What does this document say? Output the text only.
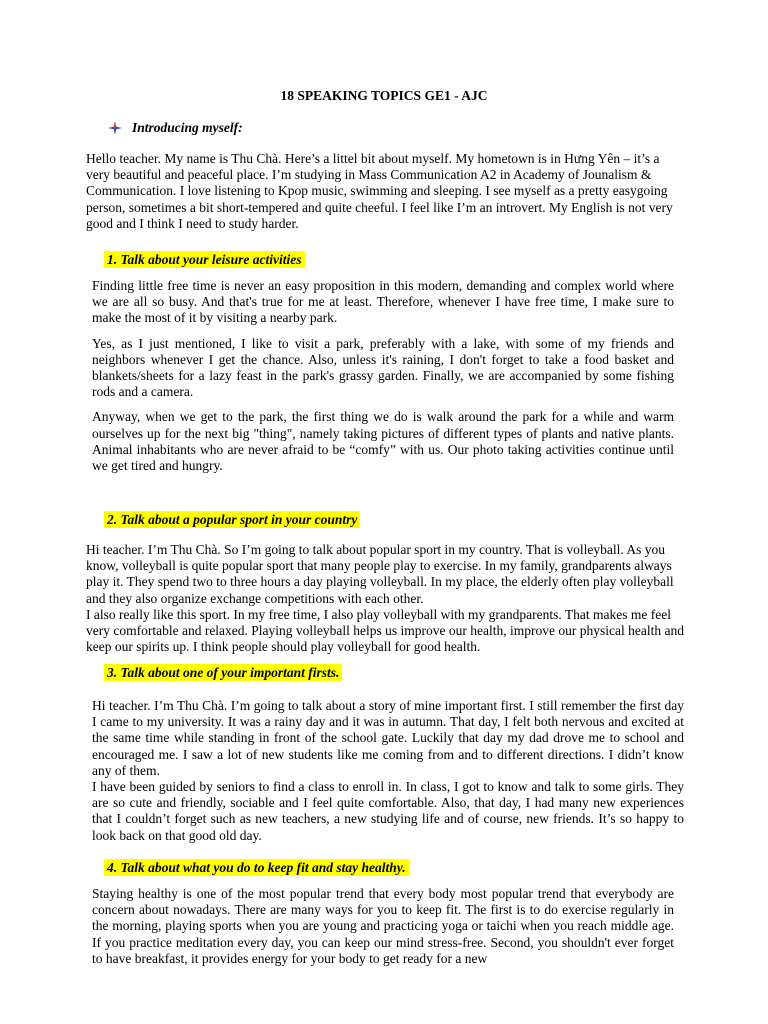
18 SPEAKING TOPICS GE1 - AJC
Introducing myself:

Hello teacher. My name is Thu Chà. Here’s a littel bit about myself. My hometown is in Hưng Yên – it’s a very beautiful and peaceful place. I’m studying in Mass Communication A2 in Academy of Jounalism & Communication. I love listening to Kpop music, swimming and sleeping. I see myself as a pretty easygoing person, sometimes a bit short-tempered and quite cheeful. I feel like I’m an introvert. My English is not very good and I think I need to study harder.

1. Talk about your leisure activities

Finding little free time is never an easy proposition in this modern, demanding and complex world where we are all so busy. And that's true for me at least. Therefore, whenever I have free time, I make sure to make the most of it by visiting a nearby park.

Yes, as I just mentioned, I like to visit a park, preferably with a lake, with some of my friends and neighbors whenever I get the chance. Also, unless it's raining, I don't forget to take a food basket and blankets/sheets for a lazy feast in the park's grassy garden. Finally, we are accompanied by some fishing rods and a camera.

Anyway, when we get to the park, the first thing we do is walk around the park for a while and warm ourselves up for the next big "thing", namely taking pictures of different types of plants and native plants. Animal inhabitants who are never afraid to be “comfy” with us. Our photo taking activities continue until we get tired and hungry.

2. Talk about a popular sport in your country

Hi teacher. I’m Thu Chà. So I’m going to talk about popular sport in my country. That is volleyball. As you know, volleyball is quite popular sport that many people play to exercise. In my family, grandparents always play it. They spend two to three hours a day playing volleyball. In my place, the elderly often play volleyball and they also organize exchange competitions with each other.

I also really like this sport. In my free time, I also play volleyball with my grandparents. That makes me feel very comfortable and relaxed. Playing volleyball helps us improve our health, improve our physical health and keep our spirits up. I think people should play volleyball for good health.

3. Talk about one of your important firsts.

Hi teacher. I’m Thu Chà. I’m going to talk about a story of mine important first. I still remember the first day I came to my university. It was a rainy day and it was in autumn. That day, I felt both nervous and excited at the same time while standing in front of the school gate. Luckily that day my dad drove me to school and encouraged me. I saw a lot of new students like me coming from and to different directions. I didn’t know any of them.

I have been guided by seniors to find a class to enroll in. In class, I got to know and talk to some girls. They are so cute and friendly, sociable and I feel quite comfortable. Also, that day, I had many new experiences that I couldn’t forget such as new teachers, a new studying life and of course, new friends. It’s so happy to look back on that good old day.

4. Talk about what you do to keep fit and stay healthy.

Staying healthy is one of the most popular trend that every body most popular trend that everybody are concern about nowadays. There are many ways for you to keep fit. The first is to do exercise regularly in the morning, playing sports when you are young and practicing yoga or taichi when you reach middle age. If you practice meditation every day, you can keep our mind stress-free. Second, you shouldn't ever forget to have breakfast, it provides energy for your body to get ready for a new
